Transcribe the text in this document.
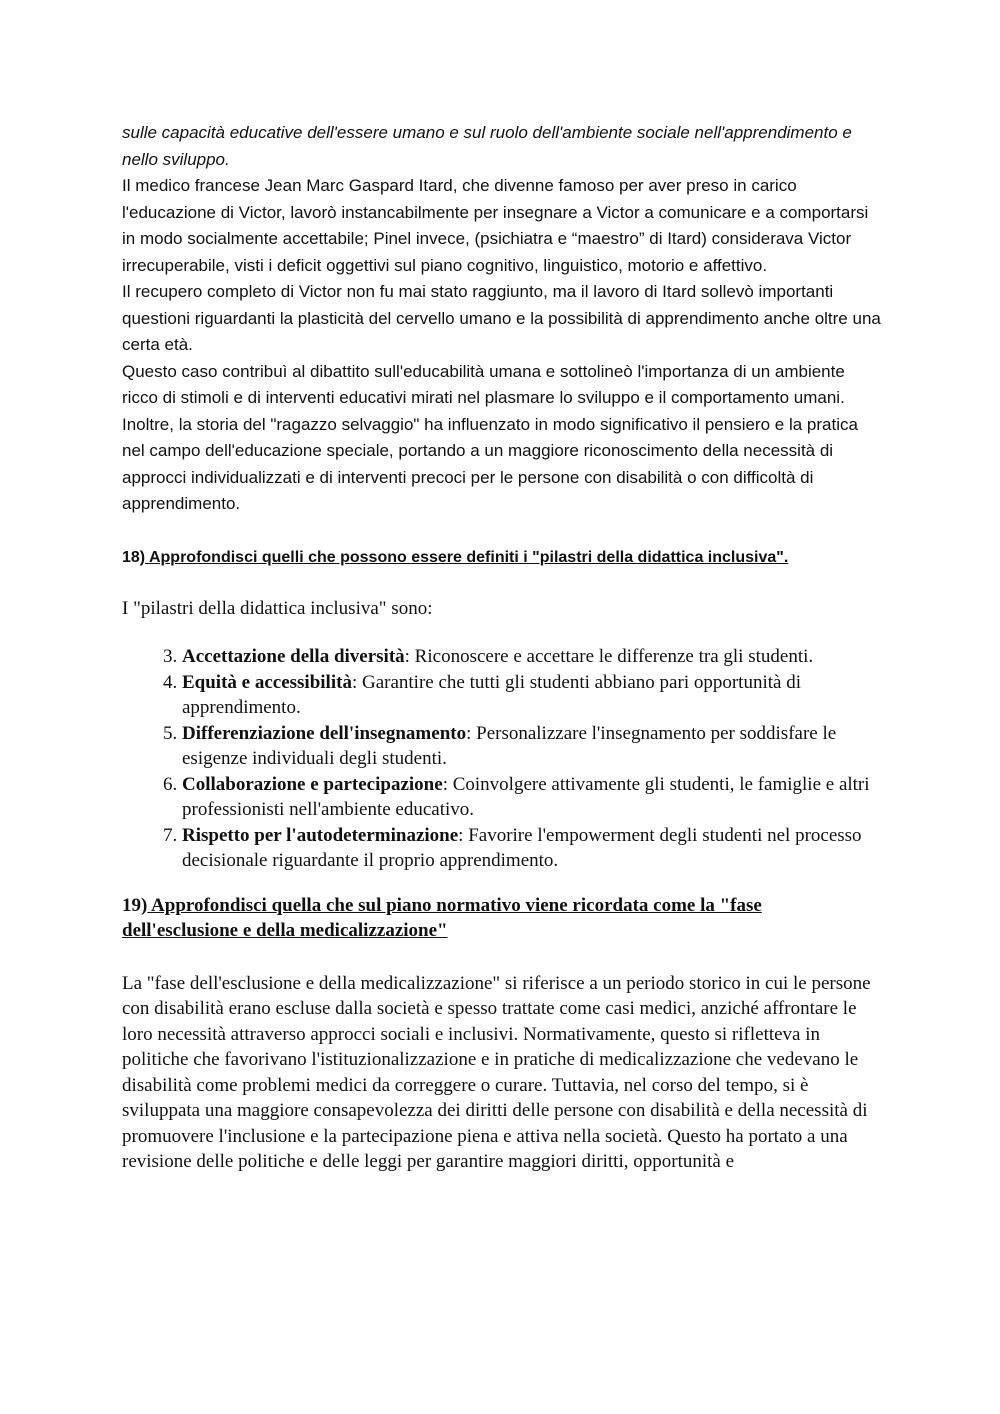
sulle capacità educative dell'essere umano e sul ruolo dell'ambiente sociale nell'apprendimento e nello sviluppo.

Il medico francese Jean Marc Gaspard Itard, che divenne famoso per aver preso in carico l'educazione di Victor, lavorò instancabilmente per insegnare a Victor a comunicare e a comportarsi in modo socialmente accettabile; Pinel invece, (psichiatra e “maestro” di Itard) considerava Victor irrecuperabile, visti i deficit oggettivi sul piano cognitivo, linguistico, motorio e affettivo.

Il recupero completo di Victor non fu mai stato raggiunto, ma il lavoro di Itard sollevò importanti questioni riguardanti la plasticità del cervello umano e la possibilità di apprendimento anche oltre una certa età.

Questo caso contribuì al dibattito sull'educabilità umana e sottolineò l'importanza di un ambiente ricco di stimoli e di interventi educativi mirati nel plasmare lo sviluppo e il comportamento umani.

Inoltre, la storia del "ragazzo selvaggio" ha influenzato in modo significativo il pensiero e la pratica nel campo dell'educazione speciale, portando a un maggiore riconoscimento della necessità di approcci individualizzati e di interventi precoci per le persone con disabilità o con difficoltà di apprendimento.

18) Approfondisci quelli che possono essere definiti i "pilastri della didattica inclusiva".

I "pilastri della didattica inclusiva" sono:

3. Accettazione della diversità: Riconoscere e accettare le differenze tra gli studenti.
4. Equità e accessibilità: Garantire che tutti gli studenti abbiano pari opportunità di apprendimento.
5. Differenziazione dell'insegnamento: Personalizzare l'insegnamento per soddisfare le esigenze individuali degli studenti.
6. Collaborazione e partecipazione: Coinvolgere attivamente gli studenti, le famiglie e altri professionisti nell'ambiente educativo.
7. Rispetto per l'autodeterminazione: Favorire l'empowerment degli studenti nel processo decisionale riguardante il proprio apprendimento.

19) Approfondisci quella che sul piano normativo viene ricordata come la "fase dell'esclusione e della medicalizzazione"

La "fase dell'esclusione e della medicalizzazione" si riferisce a un periodo storico in cui le persone con disabilità erano escluse dalla società e spesso trattate come casi medici, anziché affrontare le loro necessità attraverso approcci sociali e inclusivi. Normativamente, questo si rifletteva in politiche che favorivano l'istituzionalizzazione e in pratiche di medicalizzazione che vedevano le disabilità come problemi medici da correggere o curare. Tuttavia, nel corso del tempo, si è sviluppata una maggiore consapevolezza dei diritti delle persone con disabilità e della necessità di promuovere l'inclusione e la partecipazione piena e attiva nella società. Questo ha portato a una revisione delle politiche e delle leggi per garantire maggiori diritti, opportunità e
